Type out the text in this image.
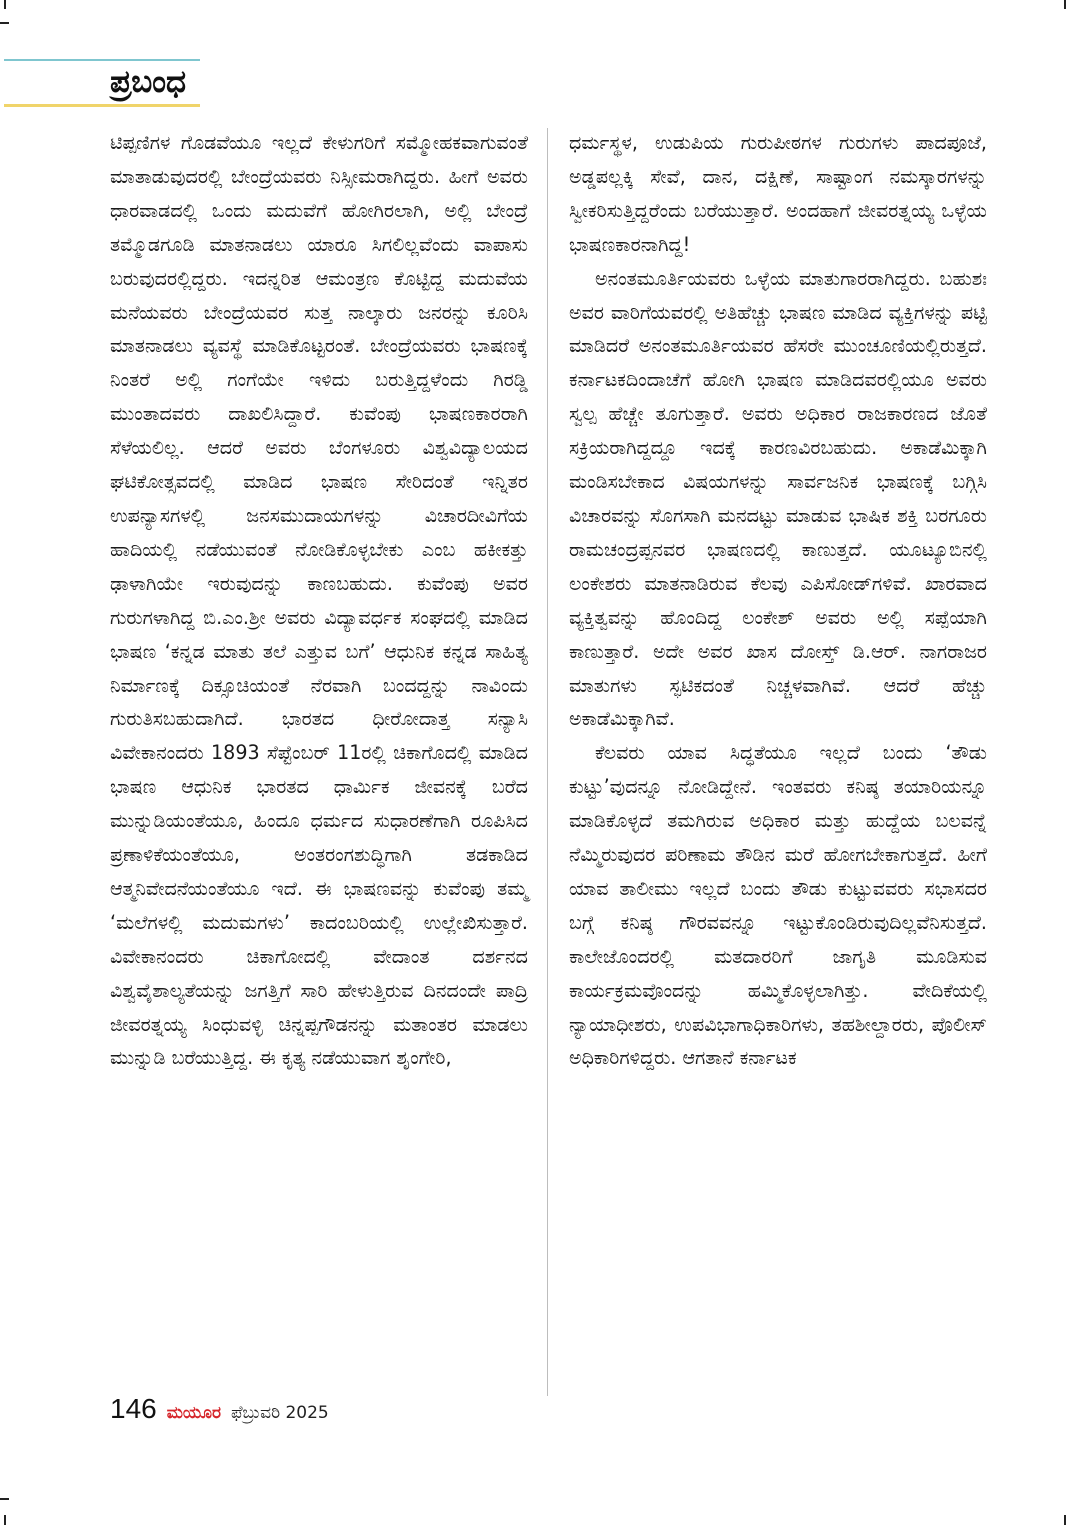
ಪ್ರಬಂಧ

ಟಿಪ್ಪಣಿಗಳ ಗೊಡವೆಯೂ ಇಲ್ಲದೆ ಕೇಳುಗರಿಗೆ ಸಮ್ಮೋಹಕವಾಗುವಂತೆ ಮಾತಾಡುವುದರಲ್ಲಿ ಬೇಂದ್ರೆಯವರು ನಿಸ್ಸೀಮರಾಗಿದ್ದರು. ಹೀಗೆ ಅವರು ಧಾರವಾಡದಲ್ಲಿ ಒಂದು ಮದುವೆಗೆ ಹೋಗಿರಲಾಗಿ, ಅಲ್ಲಿ ಬೇಂದ್ರೆ ತಮ್ಮೊಡಗೂಡಿ ಮಾತನಾಡಲು ಯಾರೂ ಸಿಗಲಿಲ್ಲವೆಂದು ವಾಪಾಸು ಬರುವುದರಲ್ಲಿದ್ದರು. ಇದನ್ನರಿತ ಆಮಂತ್ರಣ ಕೊಟ್ಟಿದ್ದ ಮದುವೆಯ ಮನೆಯವರು ಬೇಂದ್ರೆಯವರ ಸುತ್ತ ನಾಲ್ಕಾರು ಜನರನ್ನು ಕೂರಿಸಿ ಮಾತನಾಡಲು ವ್ಯವಸ್ಥೆ ಮಾಡಿಕೊಟ್ಟರಂತೆ. ಬೇಂದ್ರೆಯವರು ಭಾಷಣಕ್ಕೆ ನಿಂತರೆ ಅಲ್ಲಿ ಗಂಗೆಯೇ ಇಳಿದು ಬರುತ್ತಿದ್ದಳೆಂದು ಗಿರಡ್ಡಿ ಮುಂತಾದವರು ದಾಖಲಿಸಿದ್ದಾರೆ. ಕುವೆಂಪು ಭಾಷಣಕಾರರಾಗಿ ಸೆಳೆಯಲಿಲ್ಲ. ಆದರೆ ಅವರು ಬೆಂಗಳೂರು ವಿಶ್ವವಿದ್ಯಾಲಯದ ಘಟಿಕೋತ್ಸವದಲ್ಲಿ ಮಾಡಿದ ಭಾಷಣ ಸೇರಿದಂತೆ ಇನ್ನಿತರ ಉಪನ್ಯಾಸಗಳಲ್ಲಿ ಜನಸಮುದಾಯಗಳನ್ನು ವಿಚಾರದೀವಿಗೆಯ ಹಾದಿಯಲ್ಲಿ ನಡೆಯುವಂತೆ ನೋಡಿಕೊಳ್ಳಬೇಕು ಎಂಬ ಹಕೀಕತ್ತು ಢಾಳಾಗಿಯೇ ಇರುವುದನ್ನು ಕಾಣಬಹುದು. ಕುವೆಂಪು ಅವರ ಗುರುಗಳಾಗಿದ್ದ ಬಿ.ಎಂ.ಶ್ರೀ ಅವರು ವಿದ್ಯಾವರ್ಧಕ ಸಂಘದಲ್ಲಿ ಮಾಡಿದ ಭಾಷಣ ‘ಕನ್ನಡ ಮಾತು ತಲೆ ಎತ್ತುವ ಬಗೆ’ ಆಧುನಿಕ ಕನ್ನಡ ಸಾಹಿತ್ಯ ನಿರ್ಮಾಣಕ್ಕೆ ದಿಕ್ಸೂಚಿಯಂತೆ ನೆರವಾಗಿ ಬಂದದ್ದನ್ನು ನಾವಿಂದು ಗುರುತಿಸಬಹುದಾಗಿದೆ. ಭಾರತದ ಧೀರೋದಾತ್ತ ಸನ್ಯಾಸಿ ವಿವೇಕಾನಂದರು 1893 ಸೆಪ್ಟೆಂಬರ್ 11ರಲ್ಲಿ ಚಿಕಾಗೊದಲ್ಲಿ ಮಾಡಿದ ಭಾಷಣ ಆಧುನಿಕ ಭಾರತದ ಧಾರ್ಮಿಕ ಜೀವನಕ್ಕೆ ಬರೆದ ಮುನ್ನುಡಿಯಂತೆಯೂ, ಹಿಂದೂ ಧರ್ಮದ ಸುಧಾರಣೆಗಾಗಿ ರೂಪಿಸಿದ ಪ್ರಣಾಳಿಕೆಯಂತೆಯೂ, ಅಂತರಂಗಶುದ್ಧಿಗಾಗಿ ತಡಕಾಡಿದ ಆತ್ಮನಿವೇದನೆಯಂತೆಯೂ ಇದೆ. ಈ ಭಾಷಣವನ್ನು ಕುವೆಂಪು ತಮ್ಮ ‘ಮಲೆಗಳಲ್ಲಿ ಮದುಮಗಳು’ ಕಾದಂಬರಿಯಲ್ಲಿ ಉಲ್ಲೇಖಿಸುತ್ತಾರೆ. ವಿವೇಕಾನಂದರು ಚಿಕಾಗೋದಲ್ಲಿ ವೇದಾಂತ ದರ್ಶನದ ವಿಶ್ವವೈಶಾಲ್ಯತೆಯನ್ನು ಜಗತ್ತಿಗೆ ಸಾರಿ ಹೇಳುತ್ತಿರುವ ದಿನದಂದೇ ಪಾದ್ರಿ ಜೀವರತ್ನಯ್ಯ ಸಿಂಧುವಳ್ಳಿ ಚಿನ್ನಪ್ಪಗೌಡನನ್ನು ಮತಾಂತರ ಮಾಡಲು ಮುನ್ನುಡಿ ಬರೆಯುತ್ತಿದ್ದ. ಈ ಕೃತ್ಯ ನಡೆಯುವಾಗ ಶೃಂಗೇರಿ,

ಧರ್ಮಸ್ಥಳ, ಉಡುಪಿಯ ಗುರುಪೀಠಗಳ ಗುರುಗಳು ಪಾದಪೂಜೆ, ಅಡ್ಡಪಲ್ಲಕ್ಕಿ ಸೇವೆ, ದಾನ, ದಕ್ಷಿಣೆ, ಸಾಷ್ಟಾಂಗ ನಮಸ್ಕಾರಗಳನ್ನು ಸ್ವೀಕರಿಸುತ್ತಿದ್ದರೆಂದು ಬರೆಯುತ್ತಾರೆ. ಅಂದಹಾಗೆ ಜೀವರತ್ನಯ್ಯ ಒಳ್ಳೆಯ ಭಾಷಣಕಾರನಾಗಿದ್ದ!

ಅನಂತಮೂರ್ತಿಯವರು ಒಳ್ಳೆಯ ಮಾತುಗಾರರಾಗಿದ್ದರು. ಬಹುಶಃ ಅವರ ವಾರಿಗೆಯವರಲ್ಲಿ ಅತಿಹೆಚ್ಚು ಭಾಷಣ ಮಾಡಿದ ವ್ಯಕ್ತಿಗಳನ್ನು ಪಟ್ಟಿ ಮಾಡಿದರೆ ಅನಂತಮೂರ್ತಿಯವರ ಹೆಸರೇ ಮುಂಚೂಣಿಯಲ್ಲಿರುತ್ತದೆ. ಕರ್ನಾಟಕದಿಂದಾಚೆಗೆ ಹೋಗಿ ಭಾಷಣ ಮಾಡಿದವರಲ್ಲಿಯೂ ಅವರು ಸ್ವಲ್ಪ ಹೆಚ್ಚೇ ತೂಗುತ್ತಾರೆ. ಅವರು ಅಧಿಕಾರ ರಾಜಕಾರಣದ ಜೊತೆ ಸಕ್ರಿಯರಾಗಿದ್ದದ್ದೂ ಇದಕ್ಕೆ ಕಾರಣವಿರಬಹುದು. ಅಕಾಡೆಮಿಕ್ಕಾಗಿ ಮಂಡಿಸಬೇಕಾದ ವಿಷಯಗಳನ್ನು ಸಾರ್ವಜನಿಕ ಭಾಷಣಕ್ಕೆ ಬಗ್ಗಿಸಿ ವಿಚಾರವನ್ನು ಸೊಗಸಾಗಿ ಮನದಟ್ಟು ಮಾಡುವ ಭಾಷಿಕ ಶಕ್ತಿ ಬರಗೂರು ರಾಮಚಂದ್ರಪ್ಪನವರ ಭಾಷಣದಲ್ಲಿ ಕಾಣುತ್ತದೆ. ಯೂಟ್ಯೂಬಿನಲ್ಲಿ ಲಂಕೇಶರು ಮಾತನಾಡಿರುವ ಕೆಲವು ಎಪಿಸೋಡ್‌ಗಳಿವೆ. ಖಾರವಾದ ವ್ಯಕ್ತಿತ್ವವನ್ನು ಹೊಂದಿದ್ದ ಲಂಕೇಶ್ ಅವರು ಅಲ್ಲಿ ಸಪ್ಪೆಯಾಗಿ ಕಾಣುತ್ತಾರೆ. ಅದೇ ಅವರ ಖಾಸ ದೋಸ್ತ್ ಡಿ.ಆರ್. ನಾಗರಾಜರ ಮಾತುಗಳು ಸ್ಫಟಿಕದಂತೆ ನಿಚ್ಚಳವಾಗಿವೆ. ಆದರೆ ಹೆಚ್ಚು ಅಕಾಡೆಮಿಕ್ಕಾಗಿವೆ.

ಕೆಲವರು ಯಾವ ಸಿದ್ಧತೆಯೂ ಇಲ್ಲದೆ ಬಂದು ‘ತೌಡು ಕುಟ್ಟು’ವುದನ್ನೂ ನೋಡಿದ್ದೇನೆ. ಇಂತವರು ಕನಿಷ್ಠ ತಯಾರಿಯನ್ನೂ ಮಾಡಿಕೊಳ್ಳದೆ ತಮಗಿರುವ ಅಧಿಕಾರ ಮತ್ತು ಹುದ್ದೆಯ ಬಲವನ್ನೆ ನೆಮ್ಮಿರುವುದರ ಪರಿಣಾಮ ತೌಡಿನ ಮರೆ ಹೋಗಬೇಕಾಗುತ್ತದೆ. ಹೀಗೆ ಯಾವ ತಾಲೀಮು ಇಲ್ಲದೆ ಬಂದು ತೌಡು ಕುಟ್ಟುವವರು ಸಭಾಸದರ ಬಗ್ಗೆ ಕನಿಷ್ಠ ಗೌರವವನ್ನೂ ಇಟ್ಟುಕೊಂಡಿರುವುದಿಲ್ಲವೆನಿಸುತ್ತದೆ. ಕಾಲೇಜೊಂದರಲ್ಲಿ ಮತದಾರರಿಗೆ ಜಾಗೃತಿ ಮೂಡಿಸುವ ಕಾರ್ಯಕ್ರಮವೊಂದನ್ನು ಹಮ್ಮಿಕೊಳ್ಳಲಾಗಿತ್ತು. ವೇದಿಕೆಯಲ್ಲಿ ನ್ಯಾಯಾಧೀಶರು, ಉಪವಿಭಾಗಾಧಿಕಾರಿಗಳು, ತಹಶೀಲ್ದಾರರು, ಪೊಲೀಸ್ ಅಧಿಕಾರಿಗಳಿದ್ದರು. ಆಗತಾನೆ ಕರ್ನಾಟಕ

146 ಮಯೂರ ಫೆಬ್ರುವರಿ 2025
